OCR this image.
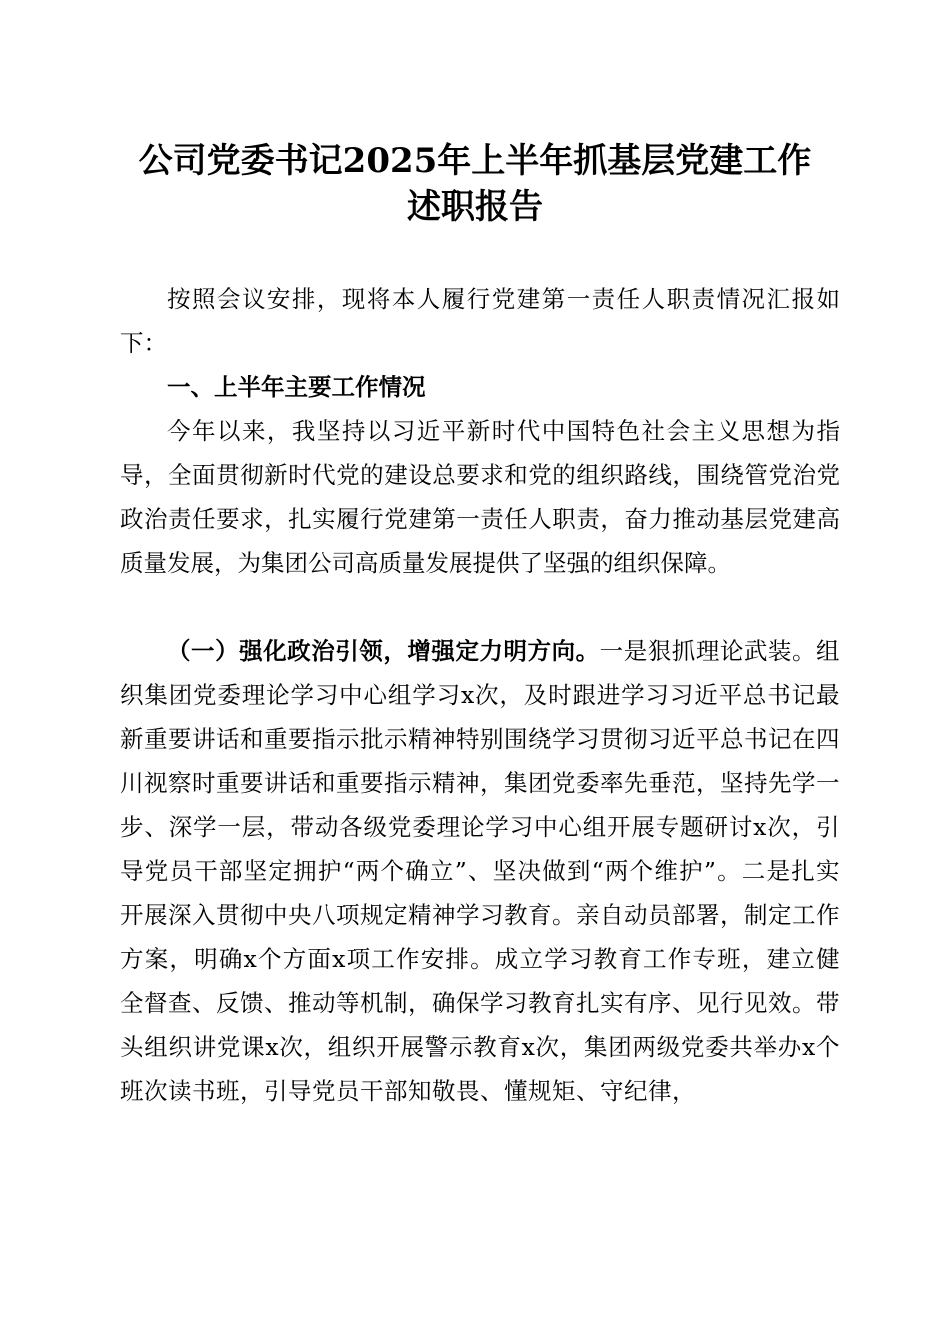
公司党委书记2025年上半年抓基层党建工作
述职报告

按照会议安排，现将本人履行党建第一责任人职责情况汇报如下：

一、上半年主要工作情况

今年以来，我坚持以习近平新时代中国特色社会主义思想为指导，全面贯彻新时代党的建设总要求和党的组织路线，围绕管党治党政治责任要求，扎实履行党建第一责任人职责，奋力推动基层党建高质量发展，为集团公司高质量发展提供了坚强的组织保障。

（一）强化政治引领，增强定力明方向。一是狠抓理论武装。组织集团党委理论学习中心组学习x次，及时跟进学习习近平总书记最新重要讲话和重要指示批示精神特别围绕学习贯彻习近平总书记在四川视察时重要讲话和重要指示精神，集团党委率先垂范，坚持先学一步、深学一层，带动各级党委理论学习中心组开展专题研讨x次，引导党员干部坚定拥护“两个确立”、坚决做到“两个维护”。二是扎实开展深入贯彻中央八项规定精神学习教育。亲自动员部署，制定工作方案，明确x个方面x项工作安排。成立学习教育工作专班，建立健全督查、反馈、推动等机制，确保学习教育扎实有序、见行见效。带头组织讲党课x次，组织开展警示教育x次，集团两级党委共举办x个班次读书班，引导党员干部知敬畏、懂规矩、守纪律，
